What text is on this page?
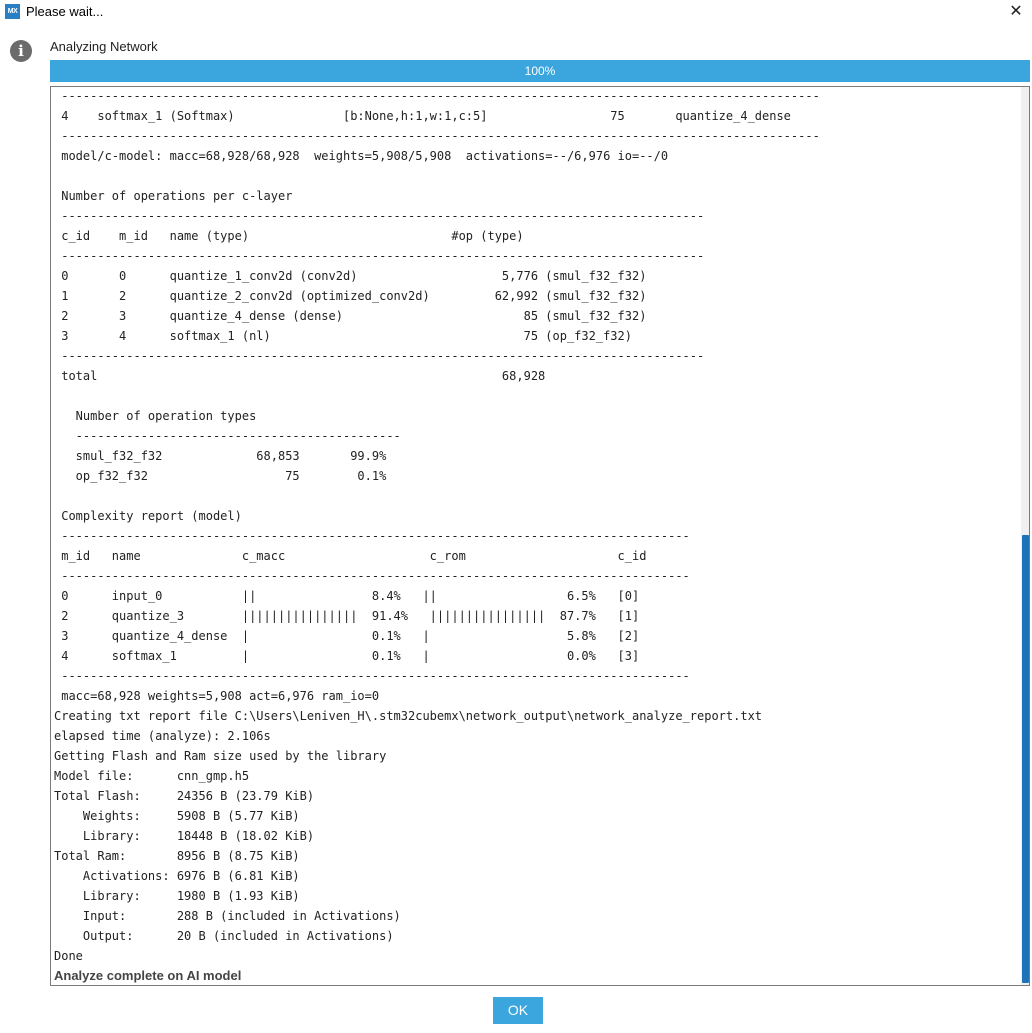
MX Please wait...	✕
i	Analyzing Network
100%
---------------------------------------------------------------------------------------------------------
4    softmax_1 (Softmax)               [b:None,h:1,w:1,c:5]                 75       quantize_4_dense
---------------------------------------------------------------------------------------------------------
model/c-model: macc=68,928/68,928  weights=5,908/5,908  activations=--/6,976 io=--/0
Number of operations per c-layer
-----------------------------------------------------------------------------------------
c_id    m_id   name (type)                            #op (type)
-----------------------------------------------------------------------------------------
0       0      quantize_1_conv2d (conv2d)                    5,776 (smul_f32_f32)
1       2      quantize_2_conv2d (optimized_conv2d)         62,992 (smul_f32_f32)
2       3      quantize_4_dense (dense)                         85 (smul_f32_f32)
3       4      softmax_1 (nl)                                   75 (op_f32_f32)
-----------------------------------------------------------------------------------------
total                                                        68,928
Number of operation types
---------------------------------------------
smul_f32_f32             68,853       99.9%
op_f32_f32                   75        0.1%
Complexity report (model)
---------------------------------------------------------------------------------------
m_id   name              c_macc                    c_rom                     c_id
---------------------------------------------------------------------------------------
0      input_0           ||                8.4%   ||                  6.5%   [0]
2      quantize_3        ||||||||||||||||  91.4%   ||||||||||||||||  87.7%   [1]
3      quantize_4_dense  |                 0.1%   |                   5.8%   [2]
4      softmax_1         |                 0.1%   |                   0.0%   [3]
---------------------------------------------------------------------------------------
macc=68,928 weights=5,908 act=6,976 ram_io=0
Creating txt report file C:\Users\Leniven_H\.stm32cubemx\network_output\network_analyze_report.txt
elapsed time (analyze): 2.106s
Getting Flash and Ram size used by the library
Model file:      cnn_gmp.h5
Total Flash:     24356 B (23.79 KiB)
Weights:     5908 B (5.77 KiB)
Library:     18448 B (18.02 KiB)
Total Ram:       8956 B (8.75 KiB)
Activations: 6976 B (6.81 KiB)
Library:     1980 B (1.93 KiB)
Input:       288 B (included in Activations)
Output:      20 B (included in Activations)
Done
Analyze complete on AI model
OK
